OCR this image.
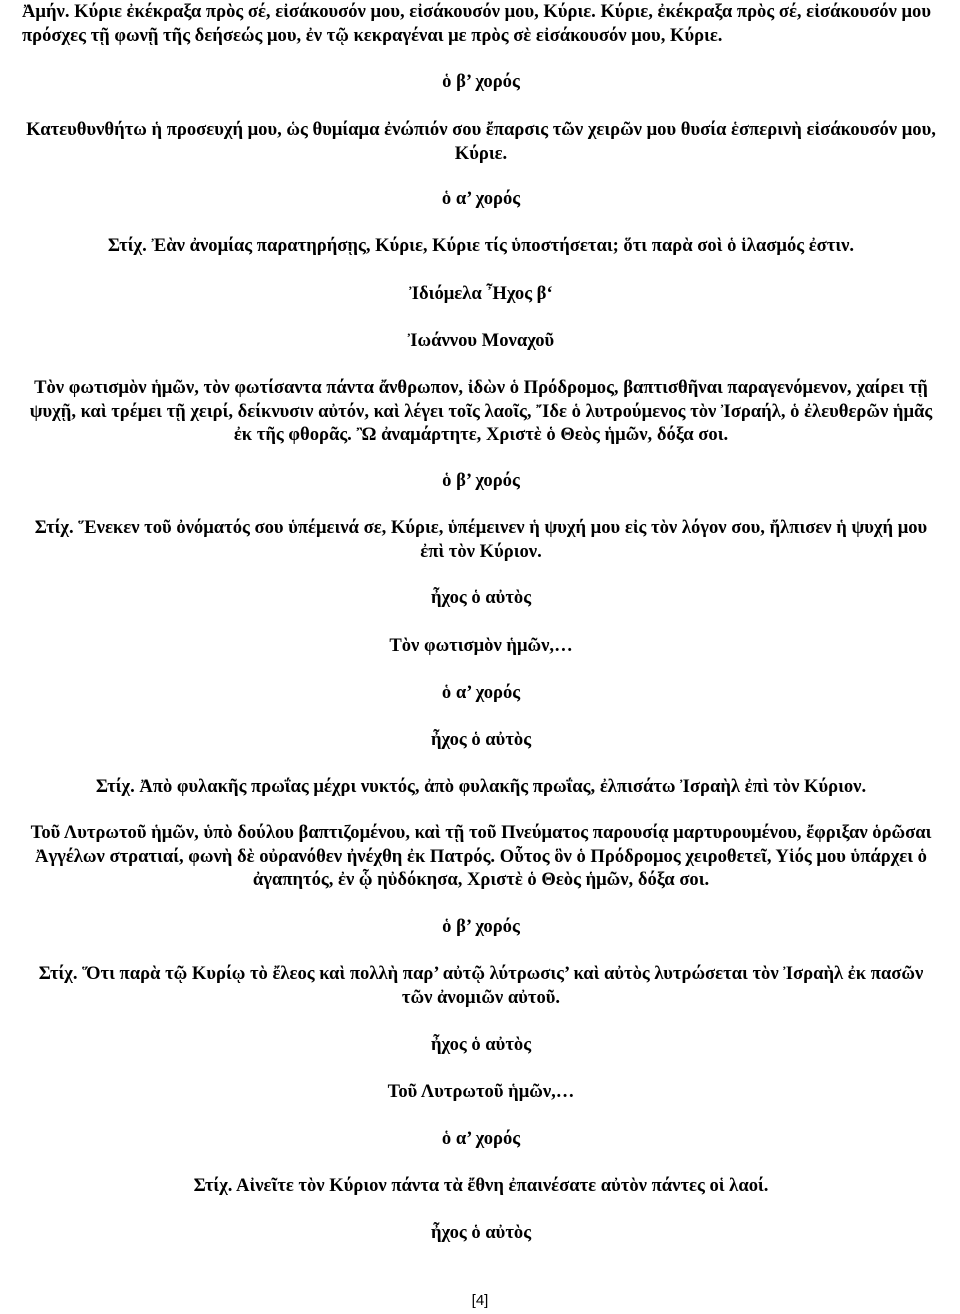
Ἀμήν. Κύριε ἐκέκραξα πρὸς σέ, εἰσάκουσόν μου, εἰσάκουσόν μου, Κύριε. Κύριε, ἐκέκραξα πρὸς σέ, εἰσάκουσόν μου πρόσχες τῇ φωνῇ τῆς δεήσεώς μου, ἐν τῷ κεκραγέναι με πρὸς σὲ εἰσάκουσόν μου, Κύριε.

ὁ β’ χορός

Κατευθυνθήτω ἡ προσευχή μου, ὡς θυμίαμα ἐνώπιόν σου ἔπαρσις τῶν χειρῶν μου θυσία ἑσπερινὴ εἰσάκουσόν μου, Κύριε.

ὁ α’ χορός

Στίχ. Ἐὰν ἀνομίας παρατηρήσῃς, Κύριε, Κύριε τίς ὑποστήσεται; ὅτι παρὰ σοὶ ὁ ἱλασμός ἐστιν.

Ἰδιόμελα Ἦχος β‘

Ἰωάννου Μοναχοῦ

Τὸν φωτισμὸν ἡμῶν, τὸν φωτίσαντα πάντα ἄνθρωπον, ἰδὼν ὁ Πρόδρομος, βαπτισθῆναι παραγενόμενον, χαίρει τῇ ψυχῇ, καὶ τρέμει τῇ χειρί, δείκνυσιν αὐτόν, καὶ λέγει τοῖς λαοῖς, Ἴδε ὁ λυτρούμενος τὸν Ἰσραήλ, ὁ ἐλευθερῶν ἡμᾶς ἐκ τῆς φθορᾶς. Ὢ ἀναμάρτητε, Χριστὲ ὁ Θεὸς ἡμῶν, δόξα σοι.

ὁ β’ χορός

Στίχ. Ἕνεκεν τοῦ ὀνόματός σου ὑπέμεινά σε, Κύριε, ὑπέμεινεν ἡ ψυχή μου εἰς τὸν λόγον σου, ἤλπισεν ἡ ψυχή μου ἐπὶ τὸν Κύριον.

ἦχος ὁ αὐτὸς

Τὸν φωτισμὸν ἡμῶν,…

ὁ α’ χορός

ἦχος ὁ αὐτὸς

Στίχ. Ἀπὸ φυλακῆς πρωΐας μέχρι νυκτός, ἀπὸ φυλακῆς πρωΐας, ἐλπισάτω Ἰσραὴλ ἐπὶ τὸν Κύριον.

Τοῦ Λυτρωτοῦ ἡμῶν, ὑπὸ δούλου βαπτιζομένου, καὶ τῇ τοῦ Πνεύματος παρουσίᾳ μαρτυρουμένου, ἔφριξαν ὁρῶσαι Ἀγγέλων στρατιαί, φωνὴ δὲ οὐρανόθεν ἠνέχθη ἐκ Πατρός. Οὗτος ὃν ὁ Πρόδρομος χειροθετεῖ, Υἱός μου ὑπάρχει ὁ ἀγαπητός, ἐν ᾧ ηὐδόκησα, Χριστὲ ὁ Θεὸς ἡμῶν, δόξα σοι.

ὁ β’ χορός

Στίχ. Ὅτι παρὰ τῷ Κυρίῳ τὸ ἔλεος καὶ πολλὴ παρ’ αὐτῷ λύτρωσις’ καὶ αὐτὸς λυτρώσεται τὸν Ἰσραὴλ ἐκ πασῶν τῶν ἀνομιῶν αὐτοῦ.

ἦχος ὁ αὐτὸς

Τοῦ Λυτρωτοῦ ἡμῶν,…

ὁ α’ χορός

Στίχ. Αἰνεῖτε τὸν Κύριον πάντα τὰ ἔθνη ἐπαινέσατε αὐτὸν πάντες οἱ λαοί.

ἦχος ὁ αὐτὸς

[4]
